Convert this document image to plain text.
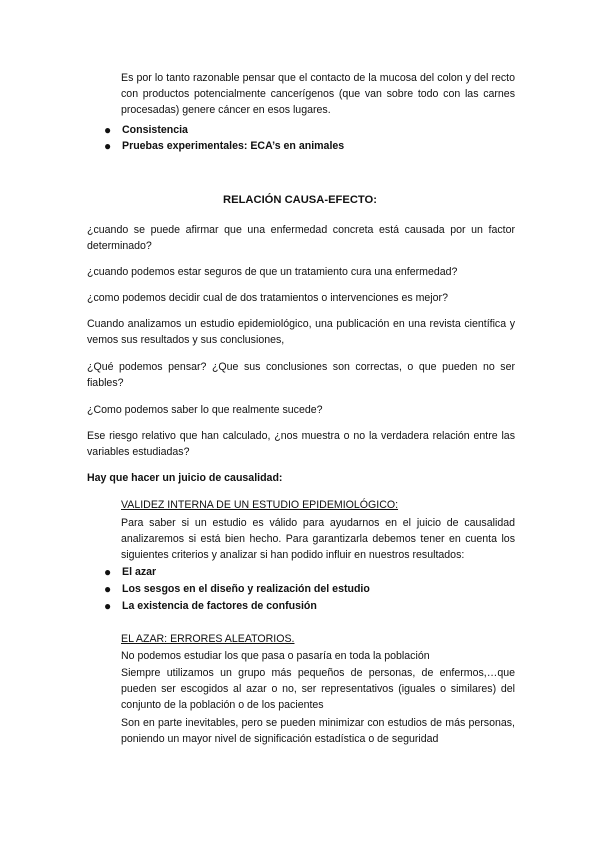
Es por lo tanto razonable pensar que el contacto de la mucosa del colon y del recto con productos potencialmente cancerígenos (que van sobre todo con las carnes procesadas) genere cáncer en esos lugares.

● Consistencia
● Pruebas experimentales: ECA’s en animales
RELACIÓN CAUSA-EFECTO:

¿cuando se puede afirmar que una enfermedad concreta está causada por un factor determinado?

¿cuando podemos estar seguros de que un tratamiento cura una enfermedad?

¿como podemos decidir cual de dos tratamientos o intervenciones es mejor?

Cuando analizamos un estudio epidemiológico, una publicación en una revista científica y vemos sus resultados y sus conclusiones,

¿Qué podemos pensar? ¿Que sus conclusiones son correctas, o que pueden no ser fiables?

¿Como podemos saber lo que realmente sucede?

Ese riesgo relativo que han calculado, ¿nos muestra o no la verdadera relación entre las variables estudiadas?

Hay que hacer un juicio de causalidad:

VALIDEZ INTERNA DE UN ESTUDIO EPIDEMIOLÓGICO:

Para saber si un estudio es válido para ayudarnos en el juicio de causalidad analizaremos si está bien hecho. Para garantizarla debemos tener en cuenta los siguientes criterios y analizar si han podido influir en nuestros resultados:

● El azar
● Los sesgos en el diseño y realización del estudio
● La existencia de factores de confusión

EL AZAR: ERRORES ALEATORIOS.

No podemos estudiar los que pasa o pasaría en toda la población

Siempre utilizamos un grupo más pequeños de personas, de enfermos,…que pueden ser escogidos al azar o no, ser representativos (iguales o similares) del conjunto de la población o de los pacientes

Son en parte inevitables, pero se pueden minimizar con estudios de más personas, poniendo un mayor nivel de significación estadística o de seguridad
